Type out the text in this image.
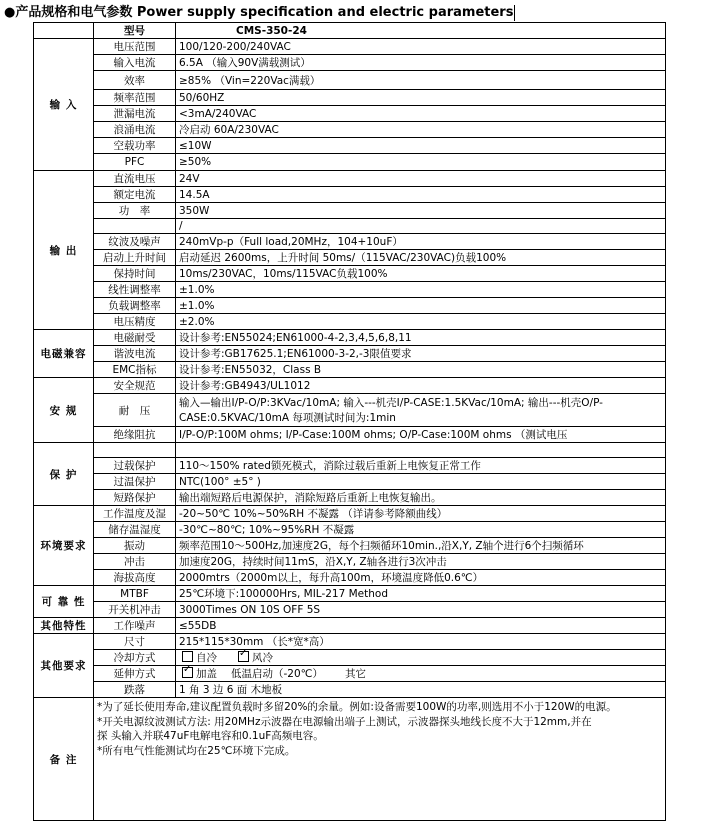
●产品规格和电气参数 Power supply specification and electric parameters
	型号	CMS-350-24
输 入	电压范围	100/120-200/240VAC
	输入电流	6.5A （输入90V满载测试）
	效率	≥85% （Vin=220Vac满载）
	频率范围	50/60HZ
	泄漏电流	<3mA/240VAC
	浪涌电流	冷启动 60A/230VAC
	空载功率	≤10W
	PFC	≥50%
输 出	直流电压	24V
	额定电流	14.5A
	功　率	350W
		/
	纹波及噪声	240mVp-p（Full load,20MHz，104+10uF）
	启动上升时间	启动延迟 2600ms，上升时间 50ms/（115VAC/230VAC)负载100%
	保持时间	10ms/230VAC，10ms/115VAC负载100%
	线性调整率	±1.0%
	负载调整率	±1.0%
	电压精度	±2.0%
电磁兼容	电磁耐受	设计参考:EN55024;EN61000-4-2,3,4,5,6,8,11
	谐波电流	设计参考:GB17625.1;EN61000-3-2,-3限值要求
	EMC指标	设计参考:EN55032，Class B
安 规	安全规范	设计参考:GB4943/UL1012
	耐　压	输入—输出I/P-O/P:3KVac/10mA; 输入---机壳I/P-CASE:1.5KVac/10mA; 输出---机壳O/P-CASE:0.5KVAC/10mA 每项测试时间为:1min
	绝缘阻抗	I/P-O/P:100M ohms; I/P-Case:100M ohms; O/P-Case:100M ohms （测试电压
保 护		
	过载保护	110～150% rated锁死模式，消除过载后重新上电恢复正常工作
	过温保护	NTC(100° ±5° )
	短路保护	输出端短路后电源保护，消除短路后重新上电恢复输出。
环境要求	工作温度及湿	-20~50℃ 10%~50%RH 不凝露 （详请参考降额曲线）
	储存温湿度	-30℃~80℃; 10%~95%RH 不凝露
	振动	频率范围10～500Hz,加速度2G，每个扫频循环10min.,沿X,Y, Z轴个进行6个扫频循环
	冲击	加速度20G，持续时间11mS，沿X,Y, Z轴各进行3次冲击
	海拔高度	2000mtrs（2000m以上，每升高100m，环境温度降低0.6℃）
可 靠 性	MTBF	25℃环境下:100000Hrs, MIL-217 Method
	开关机冲击	3000Times ON 10S OFF 5S
其他特性	工作噪声	≤55DB
其他要求	尺寸	215*115*30mm （长*宽*高）
	冷却方式	自冷 ✓ 风冷
	延伸方式	✓加盖 低温启动（-20℃） 其它
	跌落	1 角 3 边 6 面 木地板
备 注	*为了延长使用寿命,建议配置负载时多留20%的余量。例如:设备需要100W的功率,则选用不小于120W的电源。
*开关电源纹波测试方法: 用20MHz示波器在电源输出端子上测试，示波器探头地线长度不大于12mm,并在
探 头输入并联47uF电解电容和0.1uF高频电容。
*所有电气性能测试均在25℃环境下完成。	
